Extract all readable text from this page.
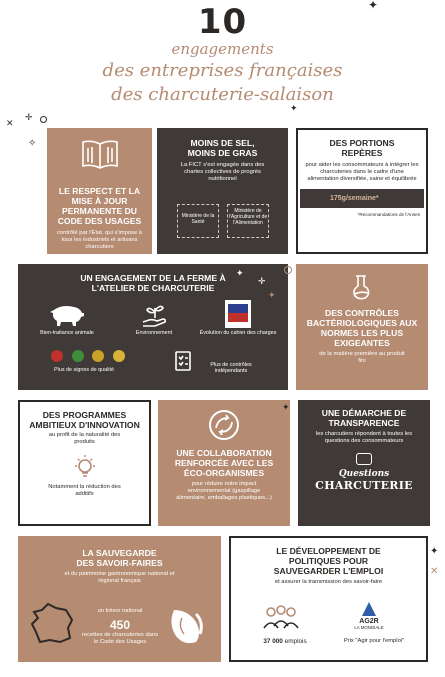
✦
✕
✛
✧
✦
10
engagements
des entreprises françaises
des charcuterie-salaison
LE RESPECT ET LA MISE À JOUR PERMANENTE DU CODE DES USAGES
contrôlé par l'État, qui s'impose à tous les industriels et artisans charcutiers
MOINS DE SEL, MOINS DE GRAS
La FICT s'est engagée dans des chartes collectives de progrès nutritionnel
Ministère de la Santé
Ministère de l'Agriculture et de l'Alimentation
DES PORTIONS REPÈRES
pour aider les consommateurs à intégrer les charcuteries dans le cadre d'une alimentation diversifiée, saine et équilibrée
175g/semaine*
*Recommandations de l'Anses
UN ENGAGEMENT DE LA FERME À L'ATELIER DE CHARCUTERIE
Bien-traitance animale	Environnement	Évolution du cahier des charges

Plus de signes de qualité
Plus de contrôles indépendants
✦
✛
✦
DES CONTRÔLES BACTÉRIOLOGIQUES AUX NORMES LES PLUS EXIGEANTES
de la matière première au produit fini
DES PROGRAMMES AMBITIEUX D'INNOVATION
au profit de la naturalité des produits
Notamment la réduction des additifs
UNE COLLABORATION RENFORCÉE AVEC LES ÉCO-ORGANISMES
pour réduire notre impact environnemental (gaspillage alimentaire, emballages plastiques...)
✦
UNE DÉMARCHE DE TRANSPARENCE
les charcutiers répondent à toutes les questions des consommateurs
Questions
CHARCUTERIE
LA SAUVEGARDE DES SAVOIR-FAIRES
et du patrimoine gastronomique national et régional français
un trésor national
450
recettes de charcuteries dans le Code des Usages
LE DÉVELOPPEMENT DE POLITIQUES POUR SAUVEGARDER L'EMPLOI
et assurer la transmission des savoir-faire
37 000 emplois
AG2R
LA MONDIALE
Prix "Agir pour l'emploi"
✦
✕
